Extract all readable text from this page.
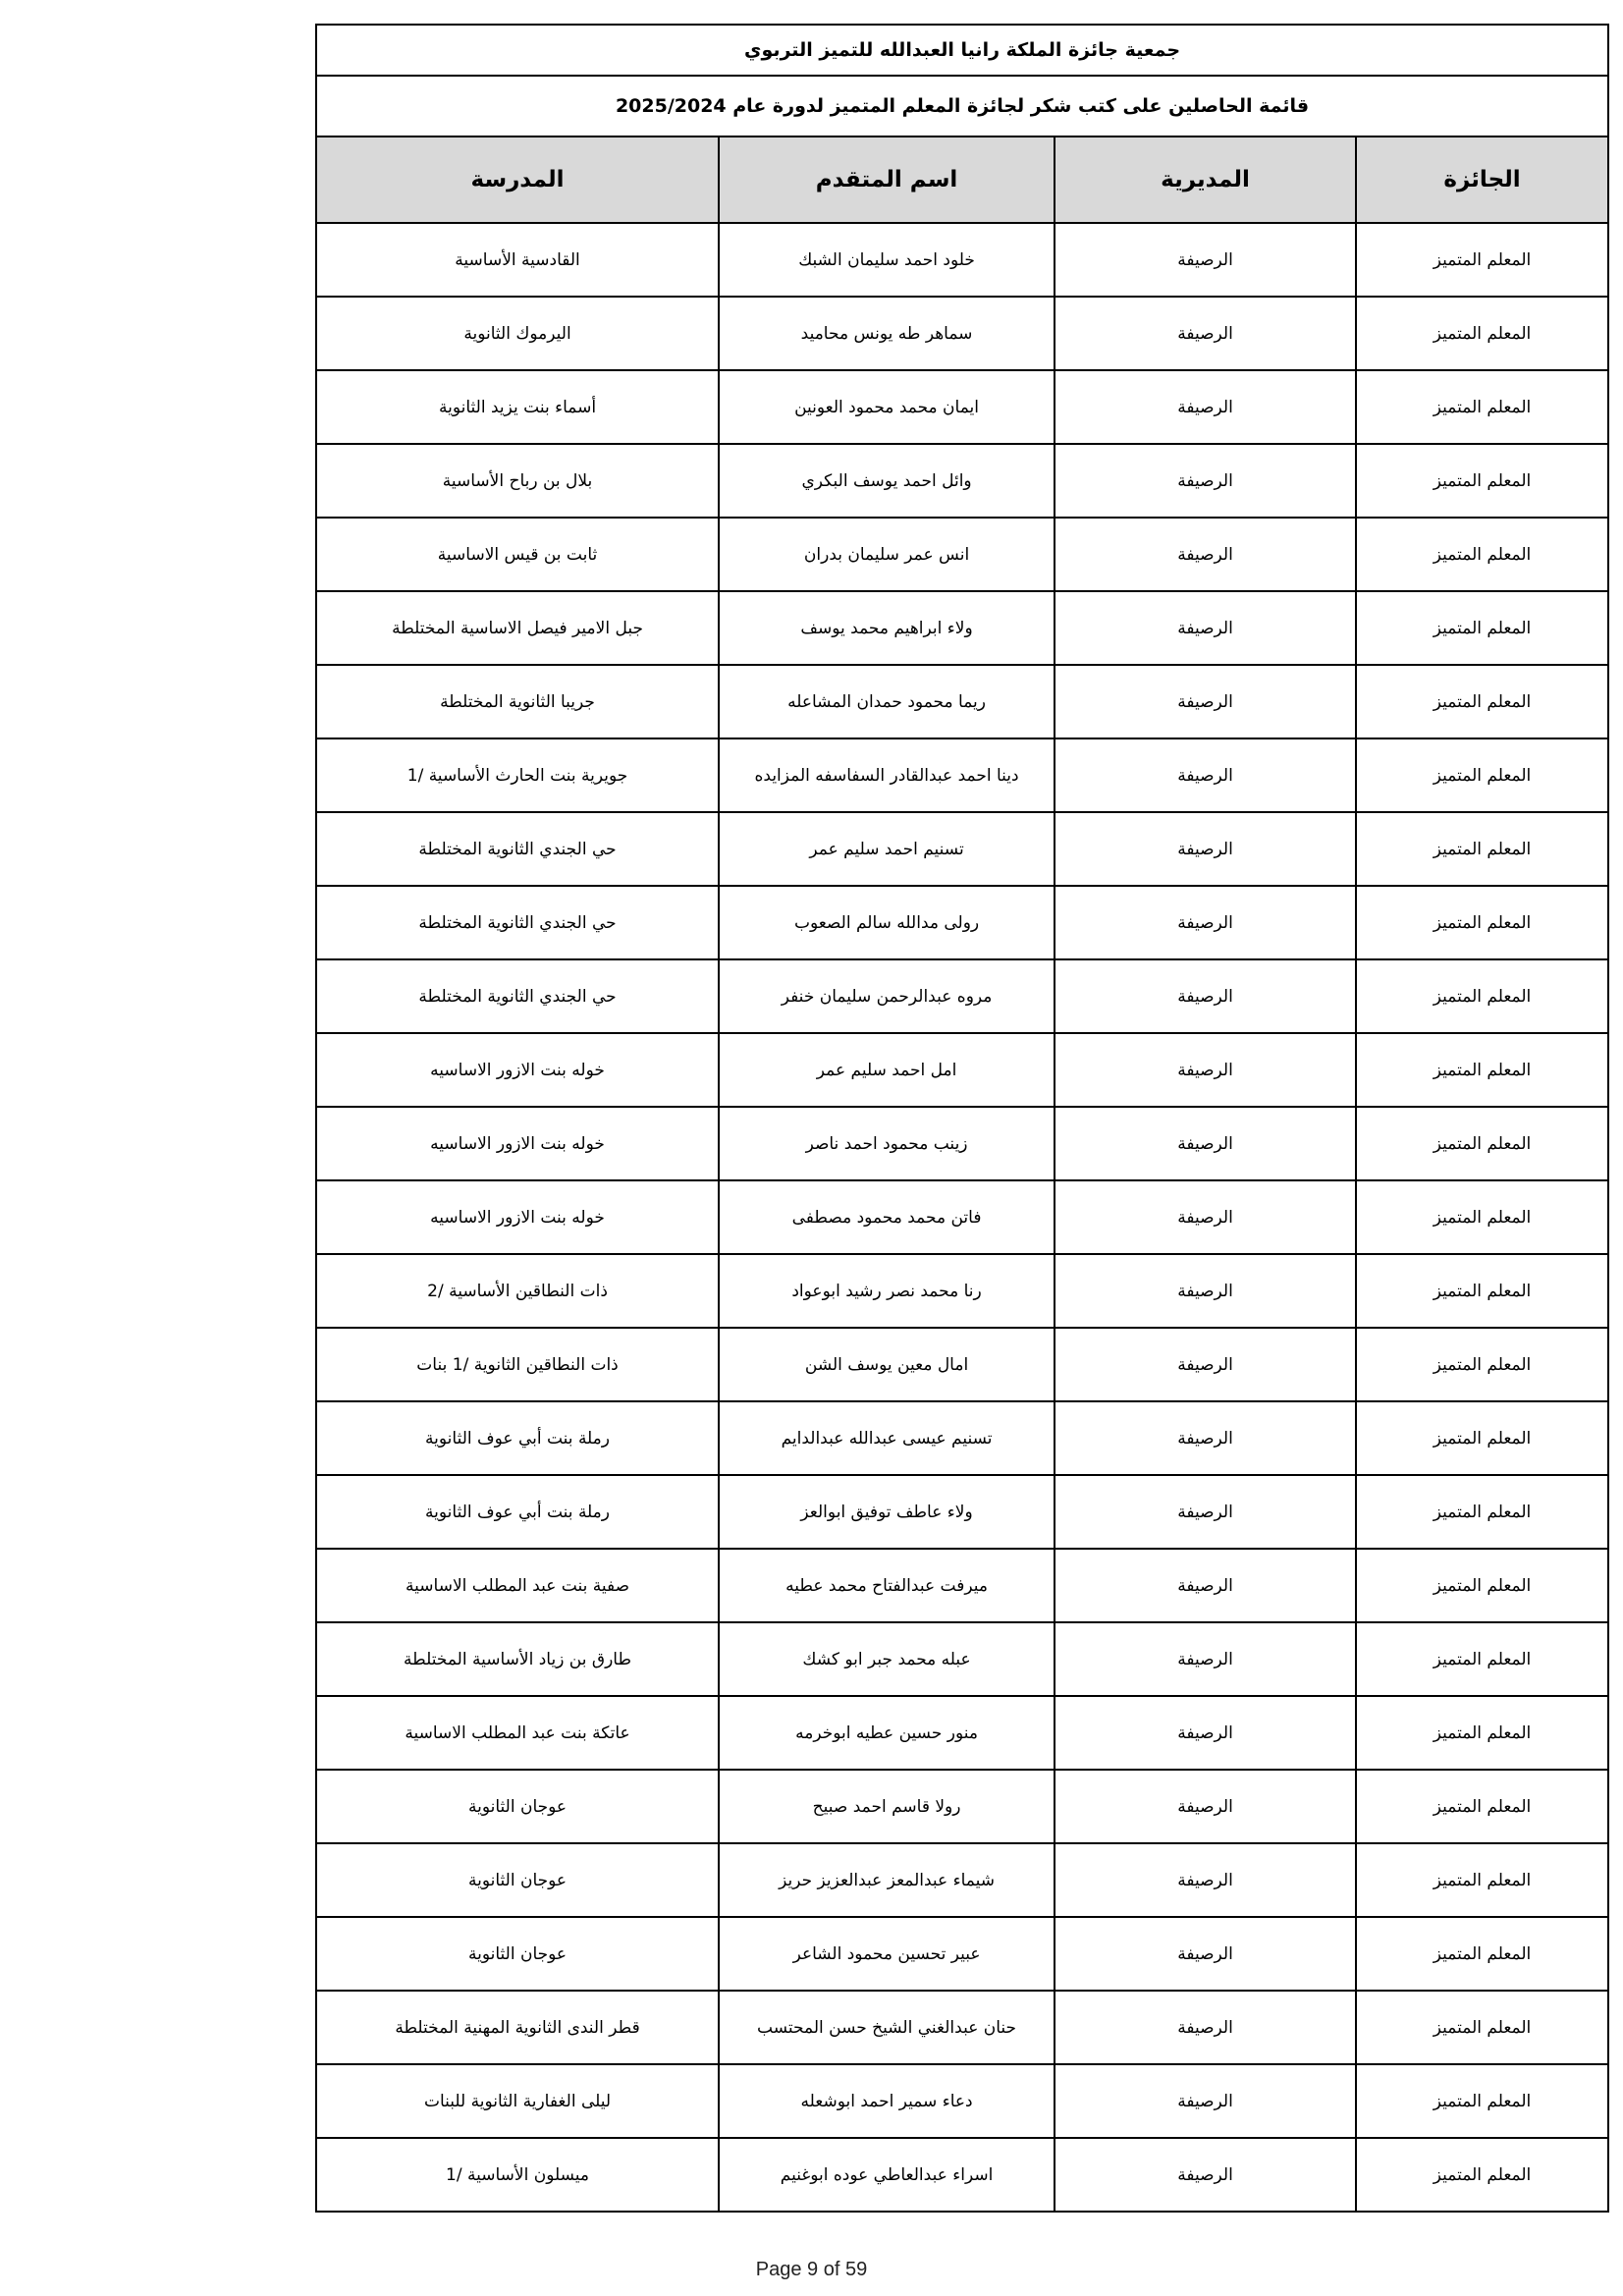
جمعية جائزة الملكة رانيا العبدالله للتميز التربوي			
قائمة الحاصلين على كتب شكر لجائزة المعلم المتميز لدورة عام 2025/2024			
الجائزة	المديرية	اسم المتقدم	المدرسة
المعلم المتميز	الرصيفة	خلود احمد سليمان الشبك	القادسية الأساسية
المعلم المتميز	الرصيفة	سماهر طه يونس محاميد	اليرموك الثانوية
المعلم المتميز	الرصيفة	ايمان محمد محمود العونين	أسماء بنت يزيد الثانوية
المعلم المتميز	الرصيفة	وائل احمد يوسف البكري	بلال بن رباح الأساسية
المعلم المتميز	الرصيفة	انس عمر سليمان بدران	ثابت بن قيس الاساسية
المعلم المتميز	الرصيفة	ولاء ابراهيم محمد يوسف	جبل الامير فيصل الاساسية المختلطة
المعلم المتميز	الرصيفة	ريما محمود حمدان المشاعله	جريبا الثانوية المختلطة
المعلم المتميز	الرصيفة	دينا احمد عبدالقادر السفاسفه المزايده	جويرية بنت الحارث الأساسية /1
المعلم المتميز	الرصيفة	تسنيم احمد سليم عمر	حي الجندي الثانوية المختلطة
المعلم المتميز	الرصيفة	رولى مدالله سالم الصعوب	حي الجندي الثانوية المختلطة
المعلم المتميز	الرصيفة	مروه عبدالرحمن سليمان خنفر	حي الجندي الثانوية المختلطة
المعلم المتميز	الرصيفة	امل احمد سليم عمر	خوله بنت الازور الاساسيه
المعلم المتميز	الرصيفة	زينب محمود احمد ناصر	خوله بنت الازور الاساسيه
المعلم المتميز	الرصيفة	فاتن محمد محمود مصطفى	خوله بنت الازور الاساسيه
المعلم المتميز	الرصيفة	رنا محمد نصر رشيد ابوعواد	ذات النطاقين الأساسية /2
المعلم المتميز	الرصيفة	امال معين يوسف الشن	ذات النطاقين الثانوية /1 بنات
المعلم المتميز	الرصيفة	تسنيم عيسى عبدالله عبدالدايم	رملة بنت أبي عوف الثانوية
المعلم المتميز	الرصيفة	ولاء عاطف توفيق ابوالعز	رملة بنت أبي عوف الثانوية
المعلم المتميز	الرصيفة	ميرفت عبدالفتاح محمد عطيه	صفية بنت عبد المطلب الاساسية
المعلم المتميز	الرصيفة	عبله محمد جبر ابو كشك	طارق بن زياد الأساسية المختلطة
المعلم المتميز	الرصيفة	منور حسين عطيه ابوخرمه	عاتكة بنت عبد المطلب الاساسية
المعلم المتميز	الرصيفة	رولا قاسم احمد صبيح	عوجان الثانوية
المعلم المتميز	الرصيفة	شيماء عبدالمعز عبدالعزيز حريز	عوجان الثانوية
المعلم المتميز	الرصيفة	عبير تحسين محمود الشاعر	عوجان الثانوية
المعلم المتميز	الرصيفة	حنان عبدالغني الشيخ حسن المحتسب	قطر الندى الثانوية المهنية المختلطة
المعلم المتميز	الرصيفة	دعاء سمير احمد ابوشعله	ليلى الغفارية الثانوية للبنات
المعلم المتميز	الرصيفة	اسراء عبدالعاطي عوده ابوغنيم	ميسلون الأساسية /1
Page 9 of 59
